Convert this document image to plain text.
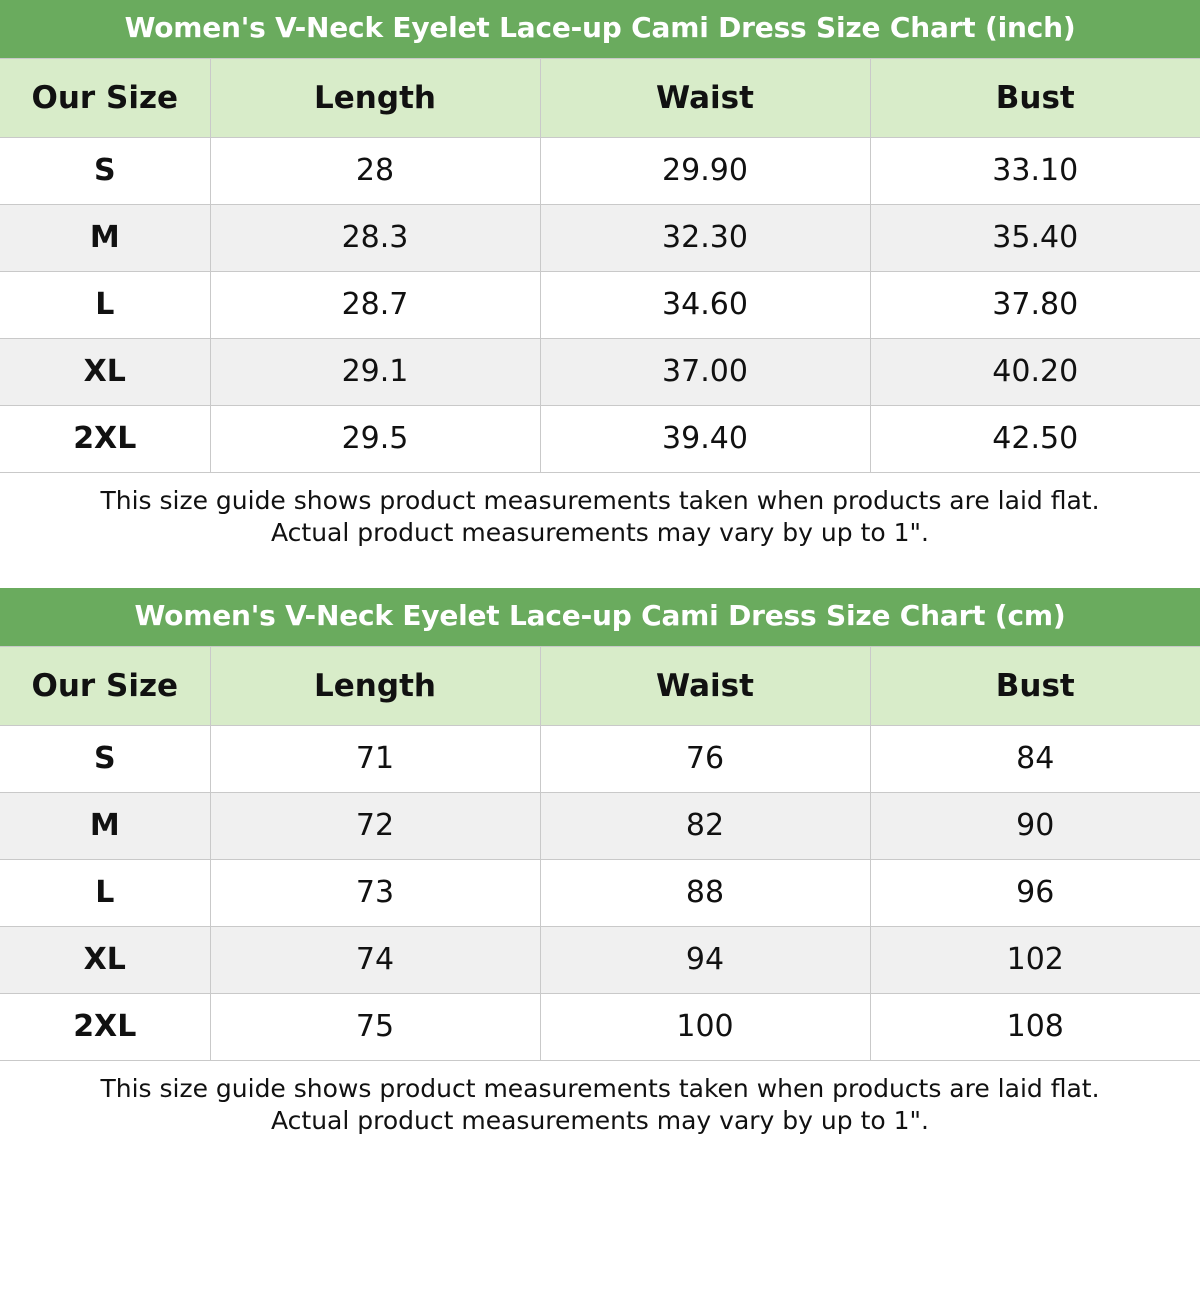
Women's V-Neck Eyelet Lace-up Cami Dress Size Chart (inch)
Our Size	Length	Waist	Bust
S	28	29.90	33.10
M	28.3	32.30	35.40
L	28.7	34.60	37.80
XL	29.1	37.00	40.20
2XL	29.5	39.40	42.50
This size guide shows product measurements taken when products are laid flat.
Actual product measurements may vary by up to 1".
Women's V-Neck Eyelet Lace-up Cami Dress Size Chart (cm)
Our Size	Length	Waist	Bust
S	71	76	84
M	72	82	90
L	73	88	96
XL	74	94	102
2XL	75	100	108
This size guide shows product measurements taken when products are laid flat.
Actual product measurements may vary by up to 1".
